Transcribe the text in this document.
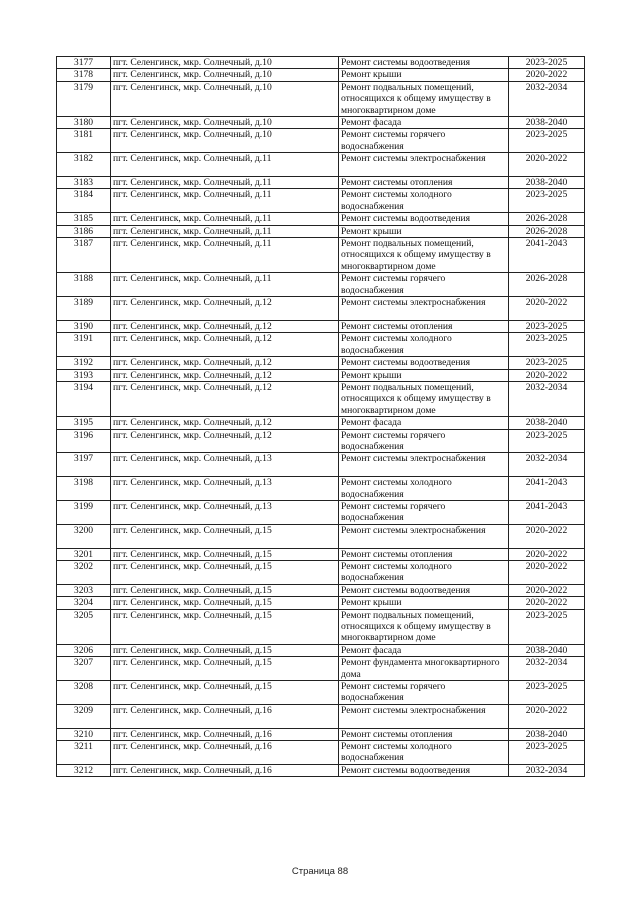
3177	пгт. Селенгинск, мкр. Солнечный, д.10	Ремонт системы водоотведения	2023-2025
3178	пгт. Селенгинск, мкр. Солнечный, д.10	Ремонт крыши	2020-2022
3179	пгт. Селенгинск, мкр. Солнечный, д.10	Ремонт подвальных помещений,
относящихся к общему имуществу в
многоквартирном доме	2032-2034
3180	пгт. Селенгинск, мкр. Солнечный, д.10	Ремонт фасада	2038-2040
3181	пгт. Селенгинск, мкр. Солнечный, д.10	Ремонт системы горячего
водоснабжения	2023-2025
3182	пгт. Селенгинск, мкр. Солнечный, д.11	Ремонт системы электроснабжения	2020-2022
3183	пгт. Селенгинск, мкр. Солнечный, д.11	Ремонт системы отопления	2038-2040
3184	пгт. Селенгинск, мкр. Солнечный, д.11	Ремонт системы холодного
водоснабжения	2023-2025
3185	пгт. Селенгинск, мкр. Солнечный, д.11	Ремонт системы водоотведения	2026-2028
3186	пгт. Селенгинск, мкр. Солнечный, д.11	Ремонт крыши	2026-2028
3187	пгт. Селенгинск, мкр. Солнечный, д.11	Ремонт подвальных помещений,
относящихся к общему имуществу в
многоквартирном доме	2041-2043
3188	пгт. Селенгинск, мкр. Солнечный, д.11	Ремонт системы горячего
водоснабжения	2026-2028
3189	пгт. Селенгинск, мкр. Солнечный, д.12	Ремонт системы электроснабжения	2020-2022
3190	пгт. Селенгинск, мкр. Солнечный, д.12	Ремонт системы отопления	2023-2025
3191	пгт. Селенгинск, мкр. Солнечный, д.12	Ремонт системы холодного
водоснабжения	2023-2025
3192	пгт. Селенгинск, мкр. Солнечный, д.12	Ремонт системы водоотведения	2023-2025
3193	пгт. Селенгинск, мкр. Солнечный, д.12	Ремонт крыши	2020-2022
3194	пгт. Селенгинск, мкр. Солнечный, д.12	Ремонт подвальных помещений,
относящихся к общему имуществу в
многоквартирном доме	2032-2034
3195	пгт. Селенгинск, мкр. Солнечный, д.12	Ремонт фасада	2038-2040
3196	пгт. Селенгинск, мкр. Солнечный, д.12	Ремонт системы горячего
водоснабжения	2023-2025
3197	пгт. Селенгинск, мкр. Солнечный, д.13	Ремонт системы электроснабжения	2032-2034
3198	пгт. Селенгинск, мкр. Солнечный, д.13	Ремонт системы холодного
водоснабжения	2041-2043
3199	пгт. Селенгинск, мкр. Солнечный, д.13	Ремонт системы горячего
водоснабжения	2041-2043
3200	пгт. Селенгинск, мкр. Солнечный, д.15	Ремонт системы электроснабжения	2020-2022
3201	пгт. Селенгинск, мкр. Солнечный, д.15	Ремонт системы отопления	2020-2022
3202	пгт. Селенгинск, мкр. Солнечный, д.15	Ремонт системы холодного
водоснабжения	2020-2022
3203	пгт. Селенгинск, мкр. Солнечный, д.15	Ремонт системы водоотведения	2020-2022
3204	пгт. Селенгинск, мкр. Солнечный, д.15	Ремонт крыши	2020-2022
3205	пгт. Селенгинск, мкр. Солнечный, д.15	Ремонт подвальных помещений,
относящихся к общему имуществу в
многоквартирном доме	2023-2025
3206	пгт. Селенгинск, мкр. Солнечный, д.15	Ремонт фасада	2038-2040
3207	пгт. Селенгинск, мкр. Солнечный, д.15	Ремонт фундамента многоквартирного
дома	2032-2034
3208	пгт. Селенгинск, мкр. Солнечный, д.15	Ремонт системы горячего
водоснабжения	2023-2025
3209	пгт. Селенгинск, мкр. Солнечный, д.16	Ремонт системы электроснабжения	2020-2022
3210	пгт. Селенгинск, мкр. Солнечный, д.16	Ремонт системы отопления	2038-2040
3211	пгт. Селенгинск, мкр. Солнечный, д.16	Ремонт системы холодного
водоснабжения	2023-2025
3212	пгт. Селенгинск, мкр. Солнечный, д.16	Ремонт системы водоотведения	2032-2034
Страница 88
